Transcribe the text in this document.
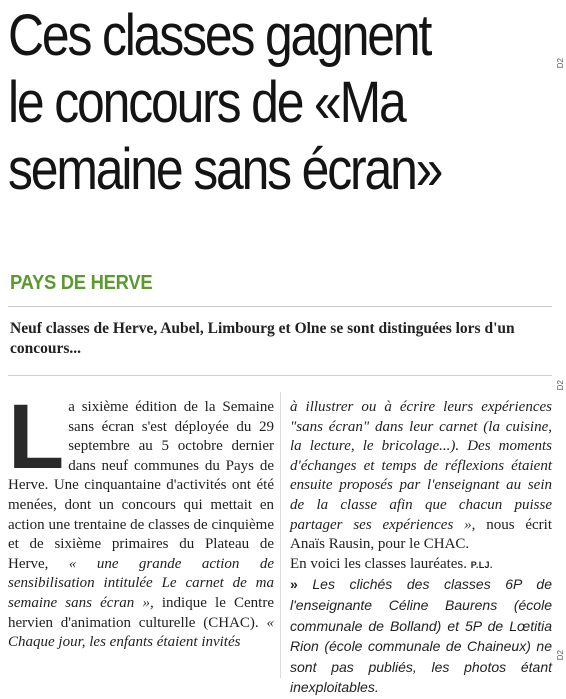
Ces classes gagnent
le concours de «Ma
semaine sans écran»
D2
D2
D2
PAYS DE HERVE
Neuf classes de Herve, Aubel, Limbourg et Olne se sont distinguées lors d'un concours...
La sixième édition de la Semaine sans écran s'est déployée du 29 septembre au 5 octobre dernier dans neuf communes du Pays de Herve. Une cinquantaine d'activités ont été menées, dont un concours qui mettait en action une trentaine de classes de cinquième et de sixième primaires du Plateau de Herve, « une grande action de sensibilisation intitulée Le carnet de ma semaine sans écran », indique le Centre hervien d'animation culturelle (CHAC). « Chaque jour, les enfants étaient invités
à illustrer ou à écrire leurs expériences "sans écran" dans leur carnet (la cuisine, la lecture, le bricolage...). Des moments d'échanges et temps de réflexions étaient ensuite proposés par l'enseignant au sein de la classe afin que chacun puisse partager ses expériences », nous écrit Anaïs Rausin, pour le CHAC.
En voici les classes lauréates. P.LJ.
» Les clichés des classes 6P de l'enseignante Céline Baurens (école communale de Bolland) et 5P de Lœtitia Rion (école communale de Chaineux) ne sont pas publiés, les photos étant inexploitables.
